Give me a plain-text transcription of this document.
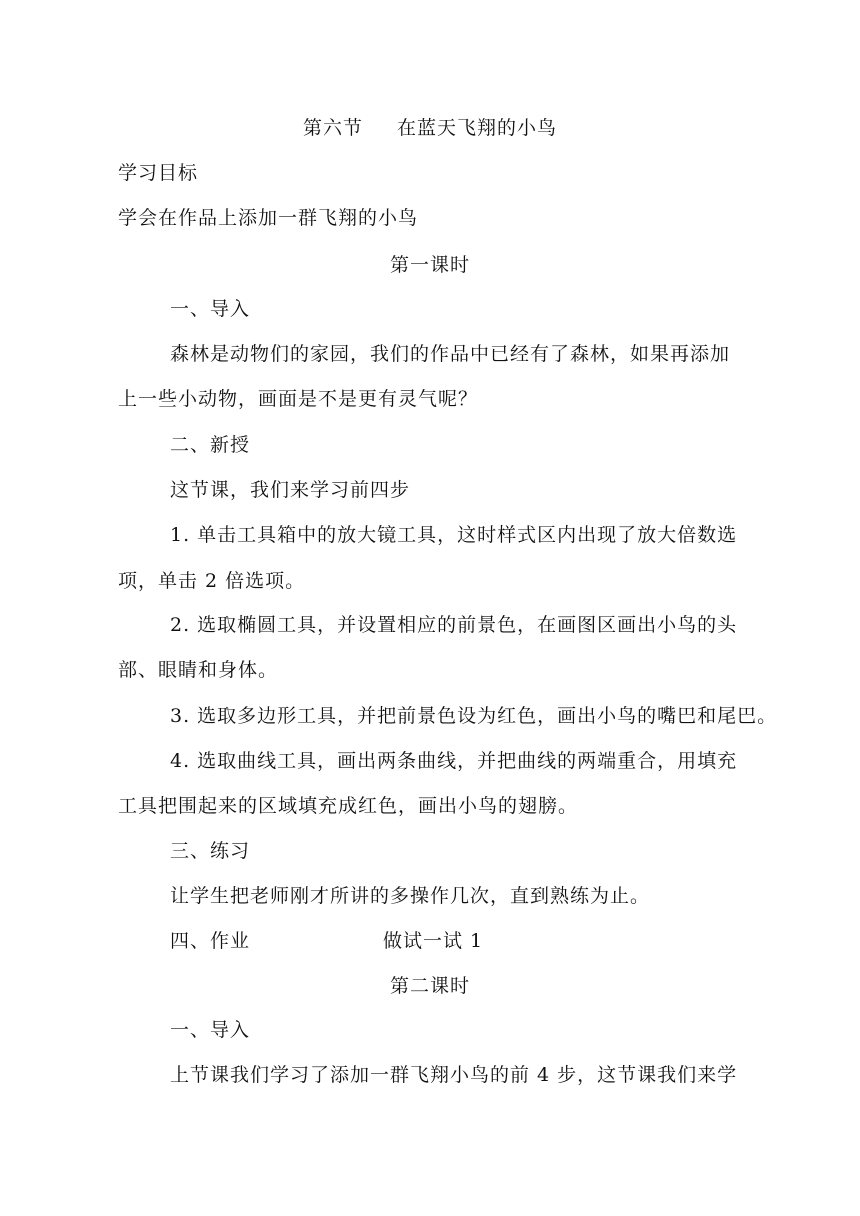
第六节 在蓝天飞翔的小鸟
学习目标
学会在作品上添加一群飞翔的小鸟
第一课时
一、导入
森林是动物们的家园，我们的作品中已经有了森林，如果再添加
上一些小动物，画面是不是更有灵气呢？
二、新授
这节课，我们来学习前四步
1. 单击工具箱中的放大镜工具，这时样式区内出现了放大倍数选
项，单击 2 倍选项。
2. 选取椭圆工具，并设置相应的前景色，在画图区画出小鸟的头
部、眼睛和身体。
3. 选取多边形工具，并把前景色设为红色，画出小鸟的嘴巴和尾巴。
4. 选取曲线工具，画出两条曲线，并把曲线的两端重合，用填充
工具把围起来的区域填充成红色，画出小鸟的翅膀。
三、练习
让学生把老师刚才所讲的多操作几次，直到熟练为止。
四、作业	做试一试 1
第二课时
一、导入
上节课我们学习了添加一群飞翔小鸟的前 4 步，这节课我们来学
